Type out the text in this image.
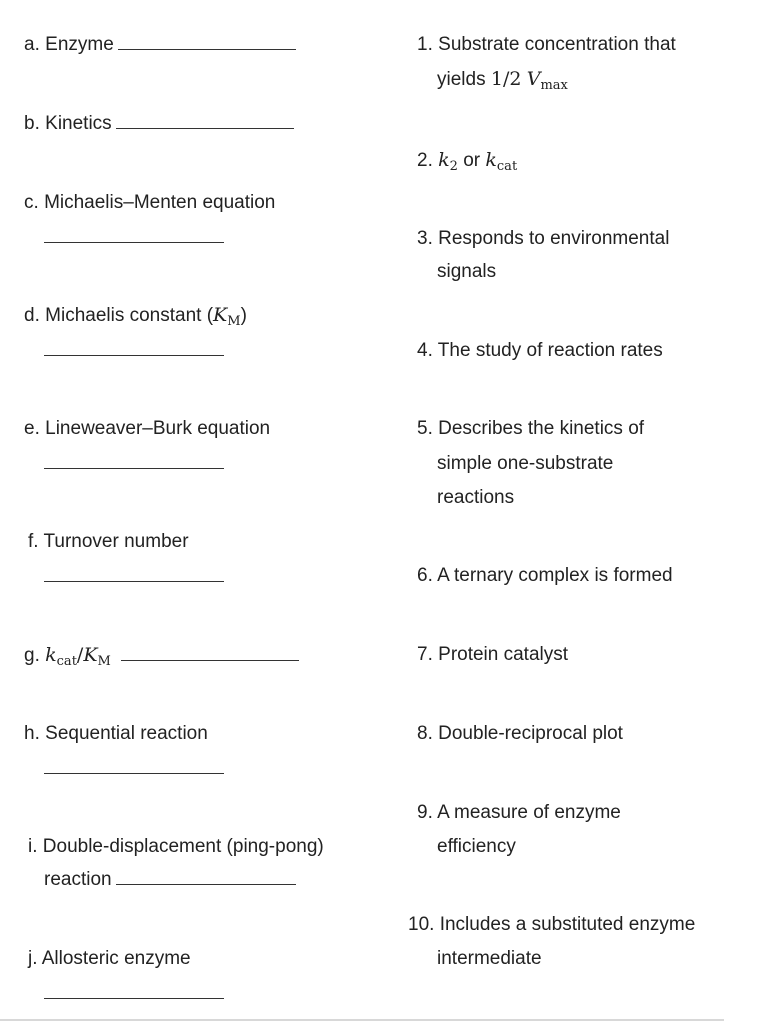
a. Enzyme
b. Kinetics
c. Michaelis–Menten equation
d. Michaelis constant $(K_M)$
e. Lineweaver–Burk equation
f. Turnover number
g. $k_{cat}/K_M$
h. Sequential reaction
i. Double-displacement (ping-pong)
reaction
j. Allosteric enzyme
1. Substrate concentration that
yields 1/2 $V_{max}$
2. $k_2$ or $k_{cat}$
3. Responds to environmental
signals
4. The study of reaction rates
5. Describes the kinetics of
simple one-substrate
reactions
6. A ternary complex is formed
7. Protein catalyst
8. Double-reciprocal plot
9. A measure of enzyme
efficiency
10. Includes a substituted enzyme
intermediate
